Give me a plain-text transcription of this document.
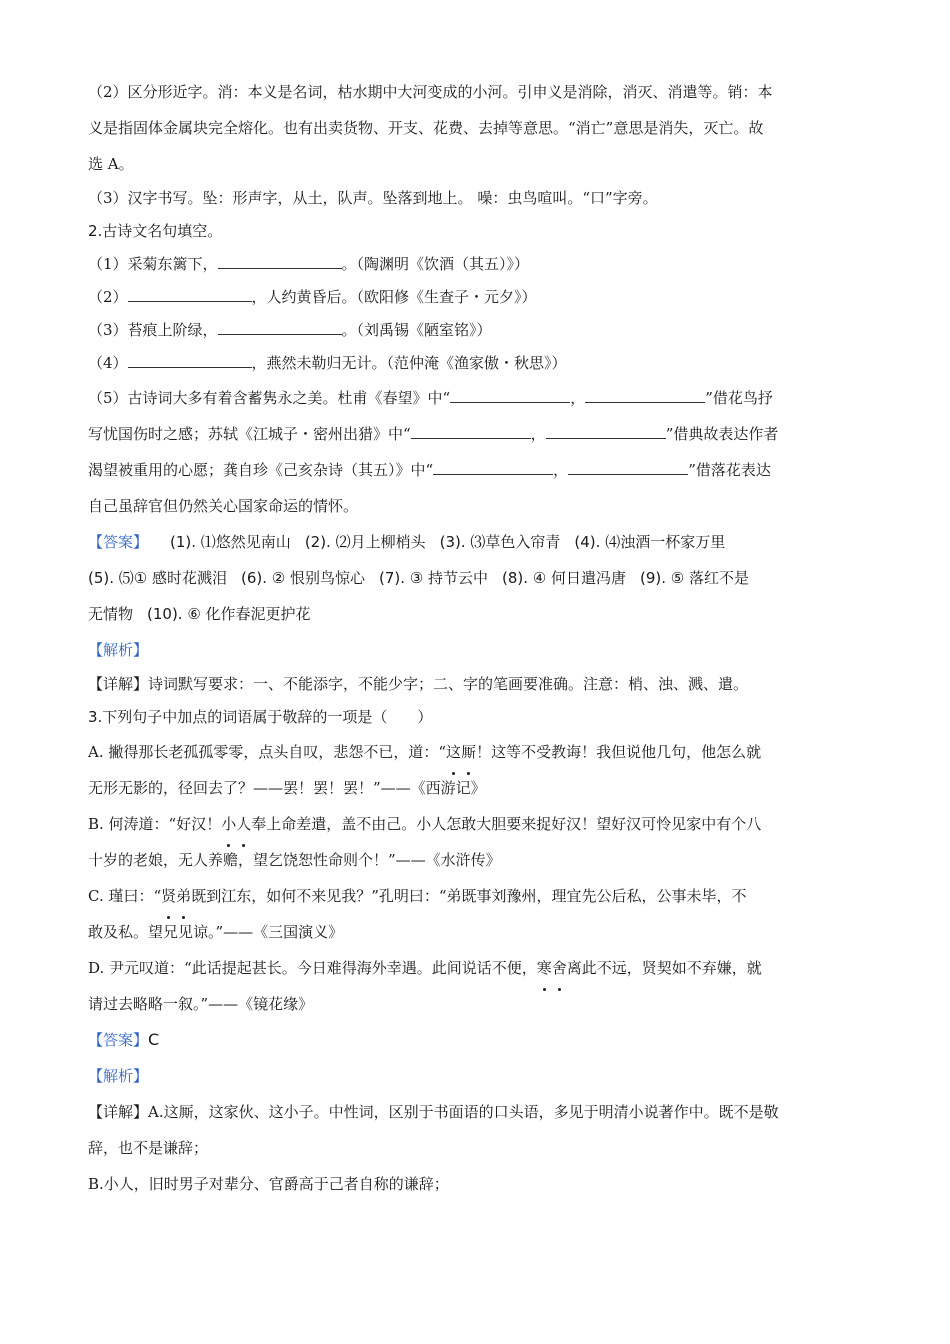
（2）区分形近字。消：本义是名词，枯水期中大河变成的小河。引申义是消除，消灭、消遣等。销：本
义是指固体金属块完全熔化。也有出卖货物、开支、花费、去掉等意思。“消亡”意思是消失，灭亡。故
选 A。
（3）汉字书写。坠：形声字，从土，队声。坠落到地上。 噪：虫鸟喧叫。“口”字旁。
2.古诗文名句填空。
（1）采菊东篱下，	。（陶渊明《饮酒（其五）》）
（2）	，人约黄昏后。（欧阳修《生查子・元夕》）
（3）苔痕上阶绿，	。（刘禹锡《陋室铭》）
（4）	，燕然未勒归无计。（范仲淹《渔家傲・秋思》）
（5）古诗词大多有着含蓄隽永之美。杜甫《春望》中“	，	”借花鸟抒
写忧国伤时之感；苏轼《江城子・密州出猎》中“	，	”借典故表达作者
渴望被重用的心愿；龚自珍《己亥杂诗（其五）》中“	，	”借落花表达
自己虽辞官但仍然关心国家命运的情怀。
【答案】 (1). ⑴悠然见南山 (2). ⑵月上柳梢头 (3). ⑶草色入帘青 (4). ⑷浊酒一杯家万里
(5). ⑸① 感时花溅泪 (6). ② 恨别鸟惊心 (7). ③ 持节云中 (8). ④ 何日遣冯唐 (9). ⑤ 落红不是
无情物 (10). ⑥ 化作春泥更护花
【解析】
【详解】诗词默写要求：一、不能添字，不能少字；二、字的笔画要准确。注意：梢、浊、溅、遣。
3.下列句子中加点的词语属于敬辞的一项是（　　）
A. 撇得那长老孤孤零零，点头自叹，悲怨不已，道：“这厮！这等不受教诲！我但说他几句，他怎么就
无形无影的，径回去了？——罢！罢！罢！”——《西游记》
B. 何涛道：“好汉！小人奉上命差遣，盖不由己。小人怎敢大胆要来捉好汉！望好汉可怜见家中有个八
十岁的老娘，无人养赡，望乞饶恕性命则个！”——《水浒传》
C. 瑾曰：“贤弟既到江东，如何不来见我？”孔明曰：“弟既事刘豫州，理宜先公后私，公事未毕，不
敢及私。望兄见谅。”——《三国演义》
D. 尹元叹道：“此话提起甚长。今日难得海外幸遇。此间说话不便，寒舍离此不远，贤契如不弃嫌，就
请过去略略一叙。”——《镜花缘》
【答案】C
【解析】
【详解】A.这厮，这家伙、这小子。中性词，区别于书面语的口头语，多见于明清小说著作中。既不是敬
辞，也不是谦辞；
B.小人，旧时男子对辈分、官爵高于己者自称的谦辞；
